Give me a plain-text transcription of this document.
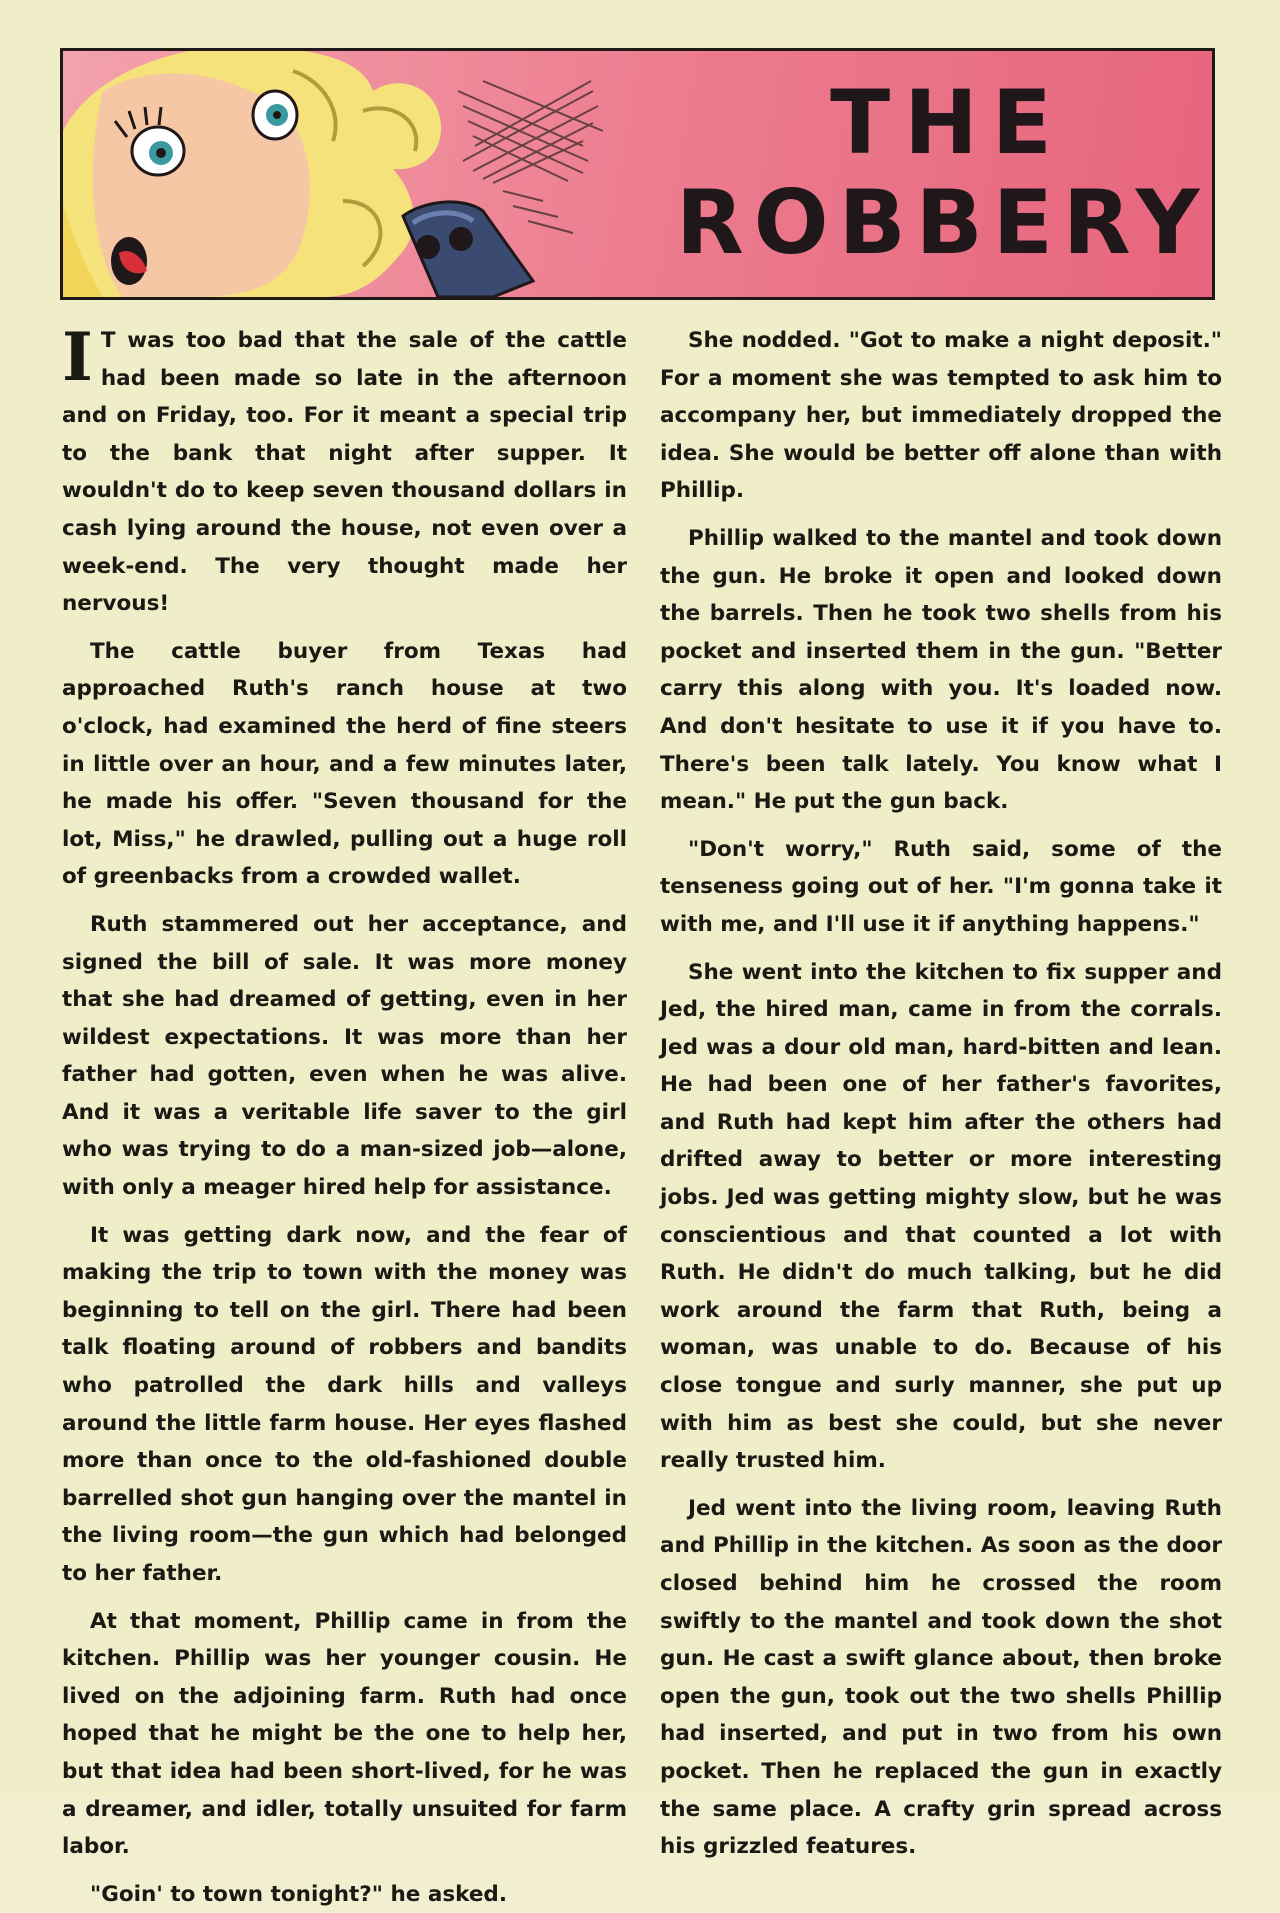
THE
ROBBERY

I T was too bad that the sale of the cattle had been made so late in the afternoon and on Friday, too. For it meant a special trip to the bank that night after supper. It wouldn't do to keep seven thousand dollars in cash lying around the house, not even over a week-end. The very thought made her nervous!

The cattle buyer from Texas had approached Ruth's ranch house at two o'clock, had examined the herd of fine steers in little over an hour, and a few minutes later, he made his offer. "Seven thousand for the lot, Miss," he drawled, pulling out a huge roll of greenbacks from a crowded wallet.

Ruth stammered out her acceptance, and signed the bill of sale. It was more money that she had dreamed of getting, even in her wildest expectations. It was more than her father had gotten, even when he was alive. And it was a veritable life saver to the girl who was trying to do a man-sized job—alone, with only a meager hired help for assistance.

It was getting dark now, and the fear of making the trip to town with the money was beginning to tell on the girl. There had been talk floating around of robbers and bandits who patrolled the dark hills and valleys around the little farm house. Her eyes flashed more than once to the old-fashioned double barrelled shot gun hanging over the mantel in the living room—the gun which had belonged to her father.

At that moment, Phillip came in from the kitchen. Phillip was her younger cousin. He lived on the adjoining farm. Ruth had once hoped that he might be the one to help her, but that idea had been short-lived, for he was a dreamer, and idler, totally unsuited for farm labor.

"Goin' to town tonight?" he asked.

She nodded. "Got to make a night deposit." For a moment she was tempted to ask him to accompany her, but immediately dropped the idea. She would be better off alone than with Phillip.

Phillip walked to the mantel and took down the gun. He broke it open and looked down the barrels. Then he took two shells from his pocket and inserted them in the gun. "Better carry this along with you. It's loaded now. And don't hesitate to use it if you have to. There's been talk lately. You know what I mean." He put the gun back.

"Don't worry," Ruth said, some of the tenseness going out of her. "I'm gonna take it with me, and I'll use it if anything happens."

She went into the kitchen to fix supper and Jed, the hired man, came in from the corrals. Jed was a dour old man, hard-bitten and lean. He had been one of her father's favorites, and Ruth had kept him after the others had drifted away to better or more interesting jobs. Jed was getting mighty slow, but he was conscientious and that counted a lot with Ruth. He didn't do much talking, but he did work around the farm that Ruth, being a woman, was unable to do. Because of his close tongue and surly manner, she put up with him as best she could, but she never really trusted him.

Jed went into the living room, leaving Ruth and Phillip in the kitchen. As soon as the door closed behind him he crossed the room swiftly to the mantel and took down the shot gun. He cast a swift glance about, then broke open the gun, took out the two shells Phillip had inserted, and put in two from his own pocket. Then he replaced the gun in exactly the same place. A crafty grin spread across his grizzled features.
